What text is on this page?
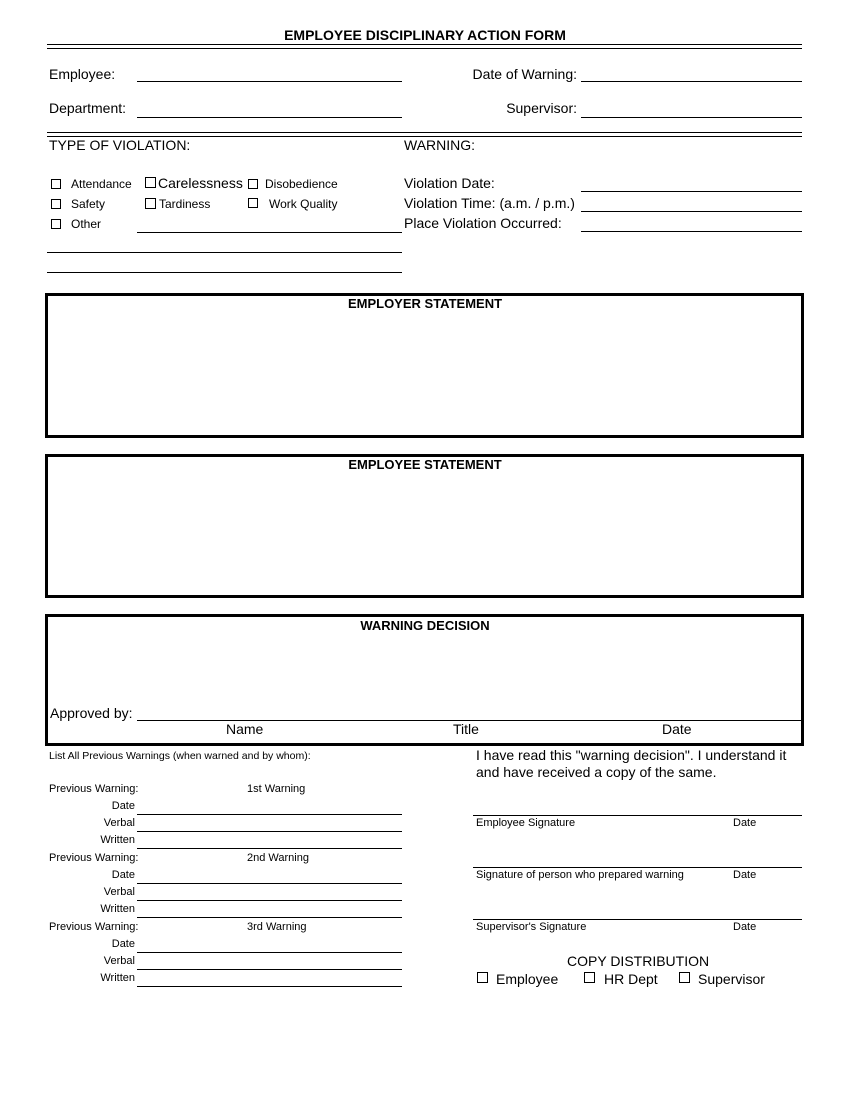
EMPLOYEE DISCIPLINARY ACTION FORM
Employee:	Date of Warning:
Department:	Supervisor:
TYPE OF VIOLATION:	WARNING:
Attendance Carelessness Disobedience
Safety	Tardiness	Work Quality
Other
Violation Date:
Violation Time: (a.m. / p.m.)
Place Violation Occurred:
EMPLOYER STATEMENT
EMPLOYEE STATEMENT
WARNING DECISION
Approved by:
Name	Title	Date
List All Previous Warnings (when warned and by whom):
Previous Warning:	1st Warning
Date
Verbal
Written
Previous Warning:	2nd Warning
Date
Verbal
Written
Previous Warning:	3rd Warning
Date
Verbal
Written
I have read this "warning decision". I understand it
and have received a copy of the same.
Employee Signature	Date
Signature of person who prepared warning	Date
Supervisor's Signature	Date
COPY DISTRIBUTION
Employee	HR Dept	Supervisor
